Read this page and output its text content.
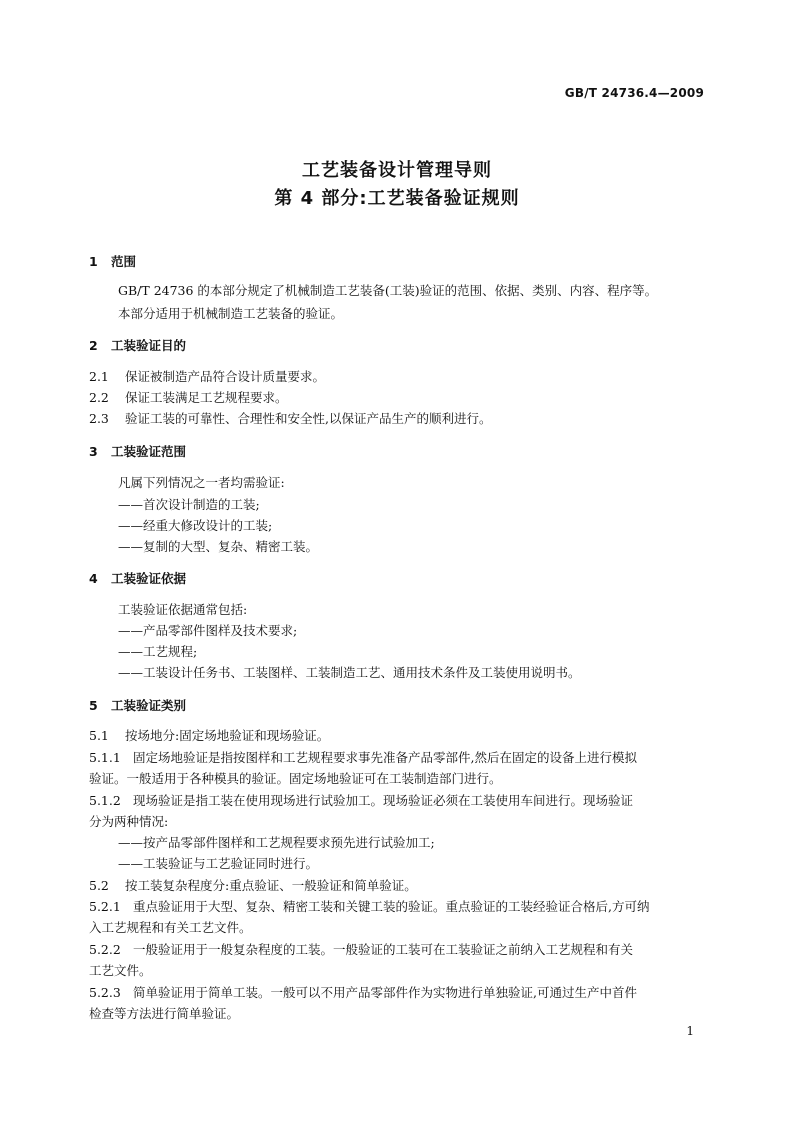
GB/T 24736.4—2009
工艺装备设计管理导则
第 4 部分:工艺装备验证规则
1 范围
GB/T 24736 的本部分规定了机械制造工艺装备(工装)验证的范围、依据、类别、内容、程序等。
本部分适用于机械制造工艺装备的验证。
2 工装验证目的
2.1 保证被制造产品符合设计质量要求。
2.2 保证工装满足工艺规程要求。
2.3 验证工装的可靠性、合理性和安全性,以保证产品生产的顺利进行。
3 工装验证范围
凡属下列情况之一者均需验证:
——首次设计制造的工装;
——经重大修改设计的工装;
——复制的大型、复杂、精密工装。
4 工装验证依据
工装验证依据通常包括:
——产品零部件图样及技术要求;
——工艺规程;
——工装设计任务书、工装图样、工装制造工艺、通用技术条件及工装使用说明书。
5 工装验证类别
5.1 按场地分:固定场地验证和现场验证。
5.1.1 固定场地验证是指按图样和工艺规程要求事先准备产品零部件,然后在固定的设备上进行模拟
验证。一般适用于各种模具的验证。固定场地验证可在工装制造部门进行。
5.1.2 现场验证是指工装在使用现场进行试验加工。现场验证必须在工装使用车间进行。现场验证
分为两种情况:
——按产品零部件图样和工艺规程要求预先进行试验加工;
——工装验证与工艺验证同时进行。
5.2 按工装复杂程度分:重点验证、一般验证和简单验证。
5.2.1 重点验证用于大型、复杂、精密工装和关键工装的验证。重点验证的工装经验证合格后,方可纳
入工艺规程和有关工艺文件。
5.2.2 一般验证用于一般复杂程度的工装。一般验证的工装可在工装验证之前纳入工艺规程和有关
工艺文件。
5.2.3 简单验证用于简单工装。一般可以不用产品零部件作为实物进行单独验证,可通过生产中首件
检查等方法进行简单验证。
1
